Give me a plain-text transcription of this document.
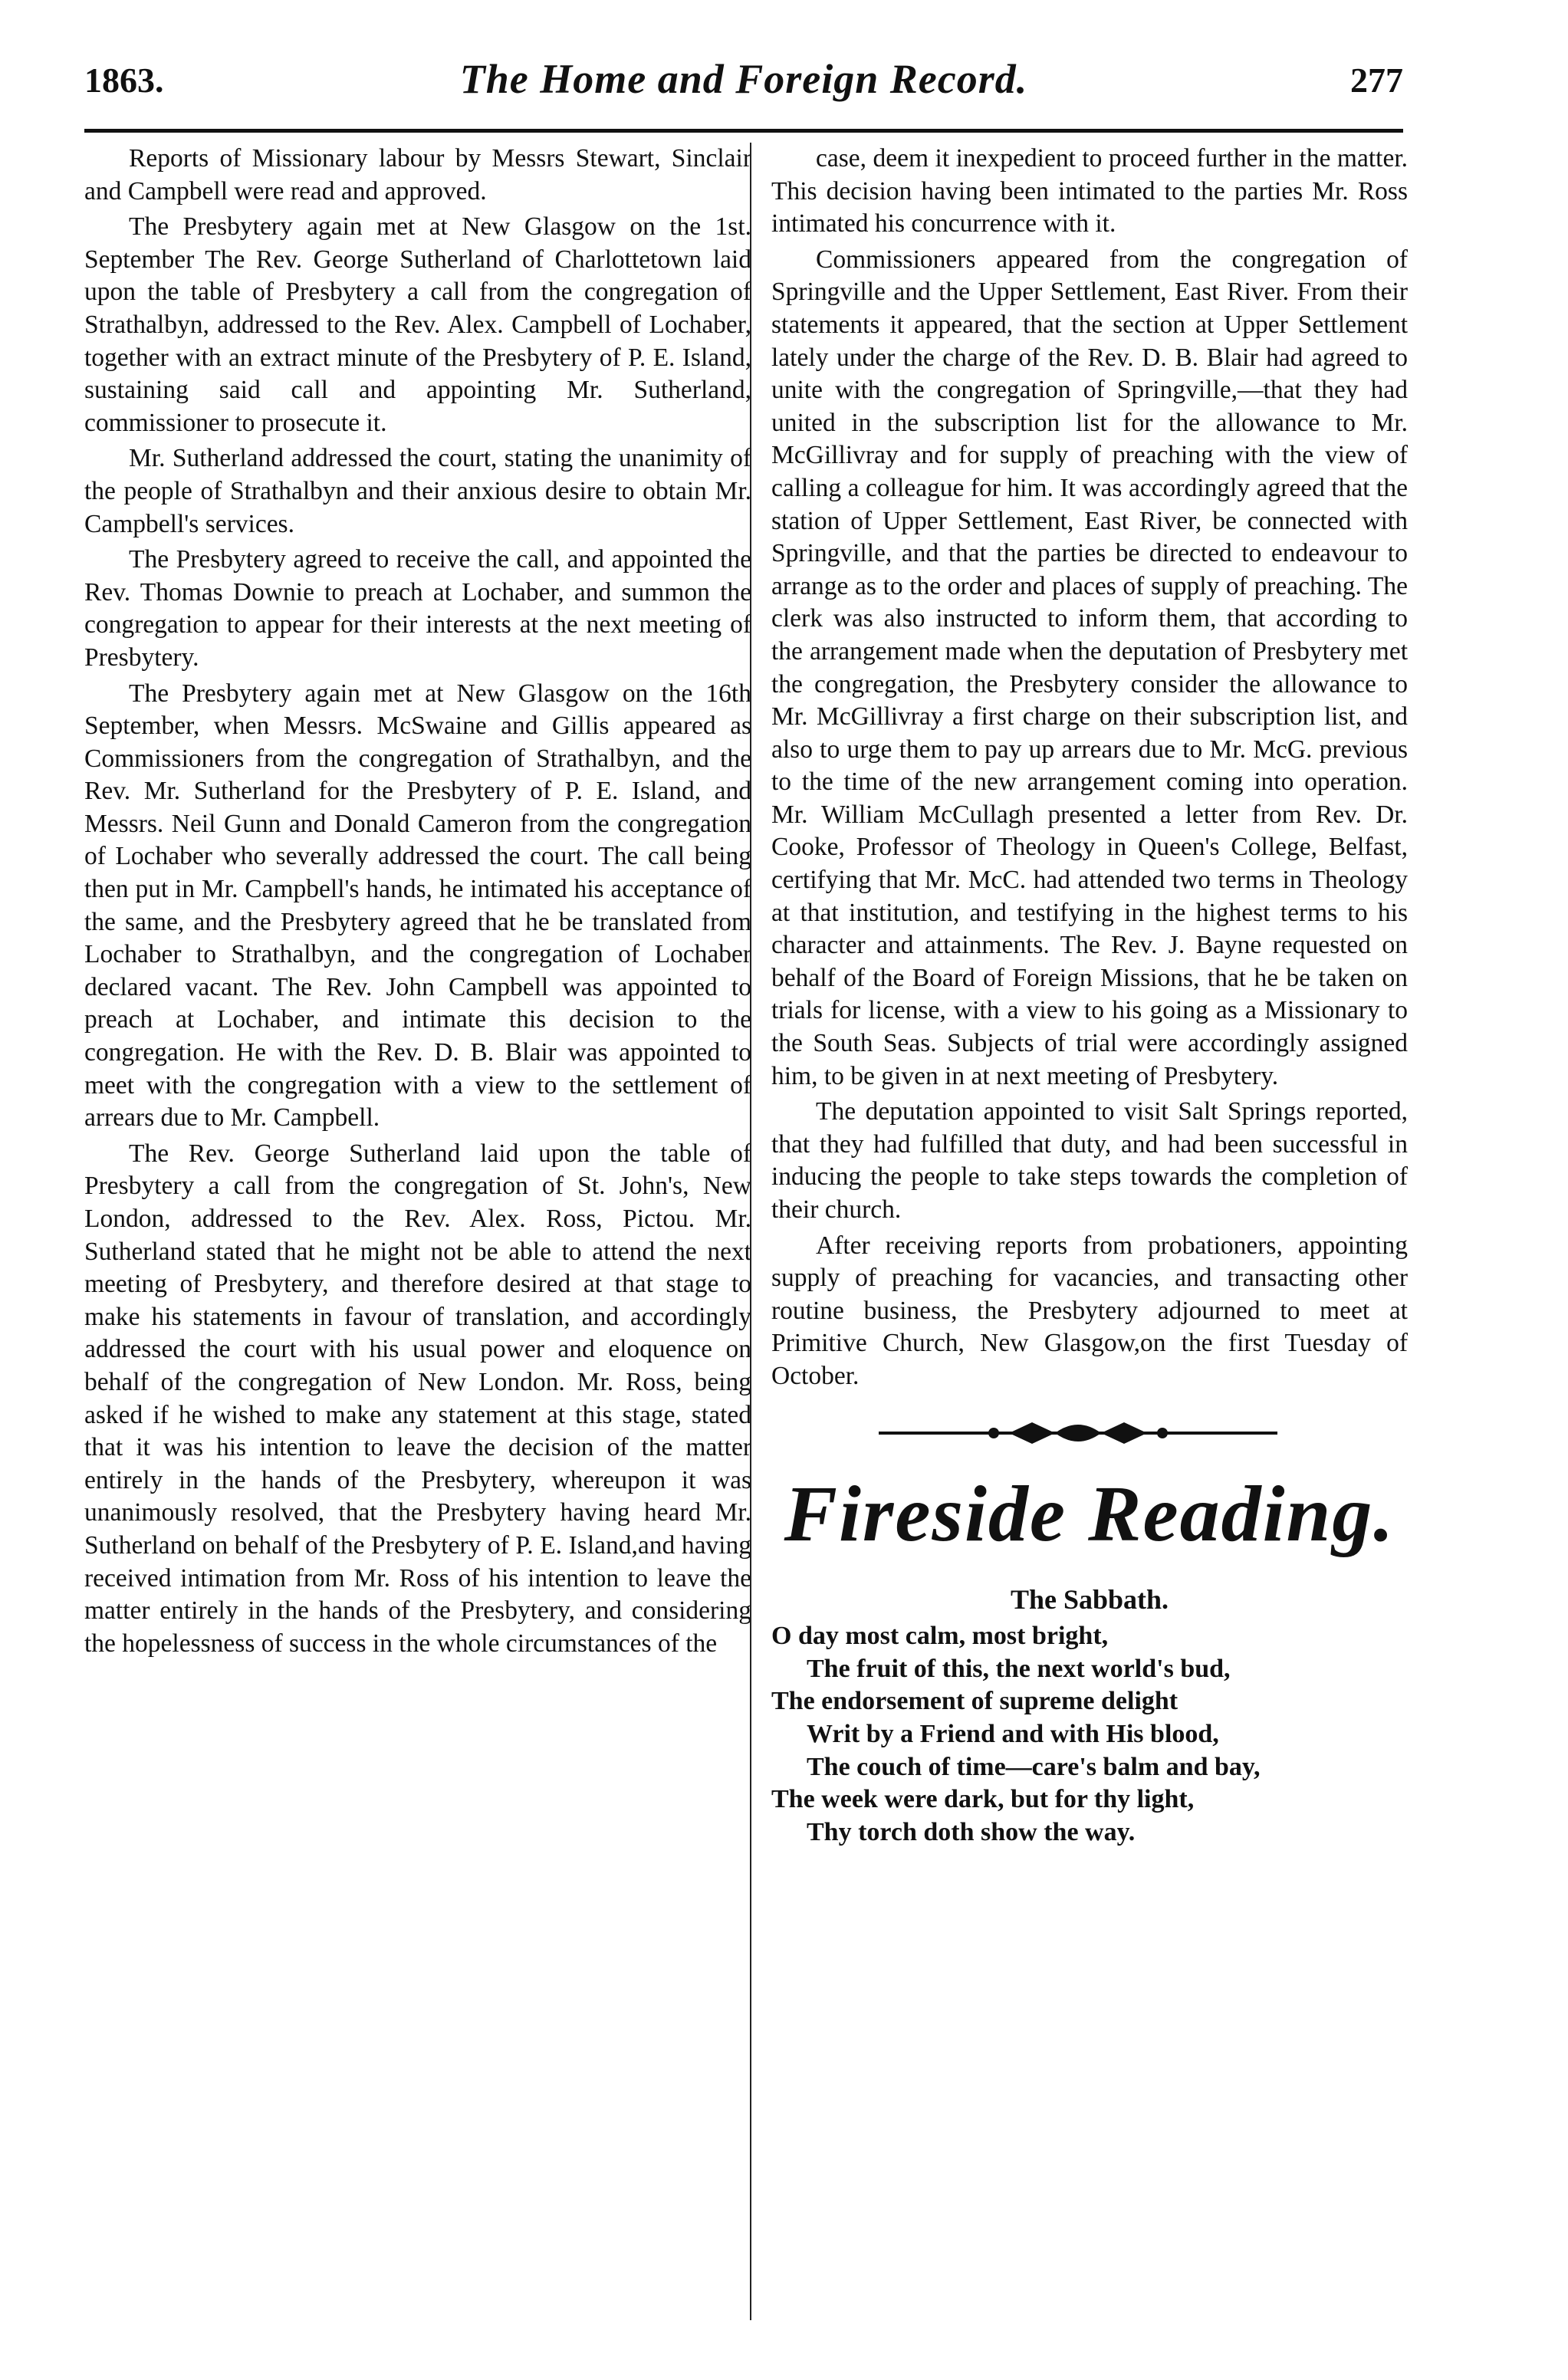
1863.	The Home and Foreign Record.	277

Reports of Missionary labour by Messrs Stewart, Sinclair and Campbell were read and approved.

The Presbytery again met at New Glasgow on the 1st. September The Rev. George Sutherland of Charlottetown laid upon the table of Presbytery a call from the congregation of Strathalbyn, addressed to the Rev. Alex. Campbell of Lochaber, together with an extract minute of the Presbytery of P. E. Island, sustaining said call and appointing Mr. Sutherland, commissioner to prosecute it.

Mr. Sutherland addressed the court, stating the unanimity of the people of Strathalbyn and their anxious desire to obtain Mr. Campbell's services.

The Presbytery agreed to receive the call, and appointed the Rev. Thomas Downie to preach at Lochaber, and summon the congregation to appear for their interests at the next meeting of Presbytery.

The Presbytery again met at New Glasgow on the 16th September, when Messrs. McSwaine and Gillis appeared as Commissioners from the congregation of Strathalbyn, and the Rev. Mr. Sutherland for the Presbytery of P. E. Island, and Messrs. Neil Gunn and Donald Cameron from the congregation of Lochaber who severally addressed the court. The call being then put in Mr. Campbell's hands, he intimated his acceptance of the same, and the Presbytery agreed that he be translated from Lochaber to Strathalbyn, and the congregation of Lochaber declared vacant. The Rev. John Campbell was appointed to preach at Lochaber, and intimate this decision to the congregation. He with the Rev. D. B. Blair was appointed to meet with the congregation with a view to the settlement of arrears due to Mr. Campbell.

The Rev. George Sutherland laid upon the table of Presbytery a call from the congregation of St. John's, New London, addressed to the Rev. Alex. Ross, Pictou. Mr. Sutherland stated that he might not be able to attend the next meeting of Presbytery, and therefore desired at that stage to make his statements in favour of translation, and accordingly addressed the court with his usual power and eloquence on behalf of the congregation of New London. Mr. Ross, being asked if he wished to make any statement at this stage, stated that it was his intention to leave the decision of the matter entirely in the hands of the Presbytery, whereupon it was unanimously resolved, that the Presbytery having heard Mr. Sutherland on behalf of the Presbytery of P. E. Island,and having received intimation from Mr. Ross of his intention to leave the matter entirely in the hands of the Presbytery, and considering the hopelessness of success in the whole circumstances of the

case, deem it inexpedient to proceed further in the matter. This decision having been intimated to the parties Mr. Ross intimated his concurrence with it.

Commissioners appeared from the congregation of Springville and the Upper Settlement, East River. From their statements it appeared, that the section at Upper Settlement lately under the charge of the Rev. D. B. Blair had agreed to unite with the congregation of Springville,—that they had united in the subscription list for the allowance to Mr. McGillivray and for supply of preaching with the view of calling a colleague for him. It was accordingly agreed that the station of Upper Settlement, East River, be connected with Springville, and that the parties be directed to endeavour to arrange as to the order and places of supply of preaching. The clerk was also instructed to inform them, that according to the arrangement made when the deputation of Presbytery met the congregation, the Presbytery consider the allowance to Mr. McGillivray a first charge on their subscription list, and also to urge them to pay up arrears due to Mr. McG. previous to the time of the new arrangement coming into operation. Mr. William McCullagh presented a letter from Rev. Dr. Cooke, Professor of Theology in Queen's College, Belfast, certifying that Mr. McC. had attended two terms in Theology at that institution, and testifying in the highest terms to his character and attainments. The Rev. J. Bayne requested on behalf of the Board of Foreign Missions, that he be taken on trials for license, with a view to his going as a Missionary to the South Seas. Subjects of trial were accordingly assigned him, to be given in at next meeting of Presbytery.

The deputation appointed to visit Salt Springs reported, that they had fulfilled that duty, and had been successful in inducing the people to take steps towards the completion of their church.

After receiving reports from probationers, appointing supply of preaching for vacancies, and transacting other routine business, the Presbytery adjourned to meet at Primitive Church, New Glasgow,on the first Tuesday of October.

Fireside Reading.
The Sabbath.

O day most calm, most bright,
The fruit of this, the next world's bud,
The endorsement of supreme delight
Writ by a Friend and with His blood,
The couch of time—care's balm and bay,
The week were dark, but for thy light,
Thy torch doth show the way.
